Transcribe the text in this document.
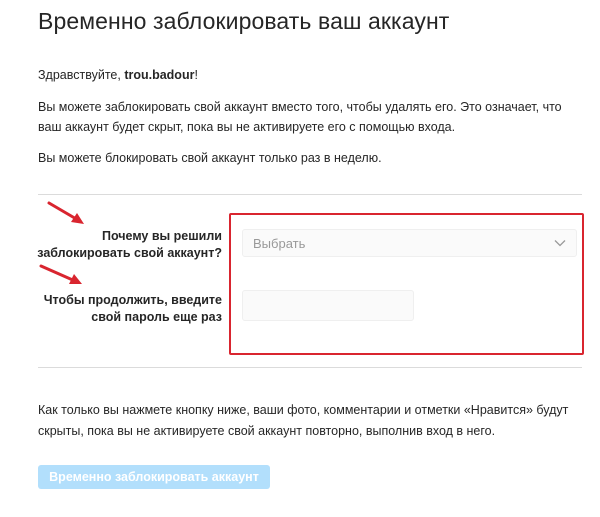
Временно заблокировать ваш аккаунт

Здравствуйте, trou.badour!

Вы можете заблокировать свой аккаунт вместо того, чтобы удалять его. Это означает, что ваш аккаунт будет скрыт, пока вы не активируете его с помощью входа.

Вы можете блокировать свой аккаунт только раз в неделю.

Почему вы решили заблокировать свой аккаунт?
Чтобы продолжить, введите свой пароль еще раз
Выбрать

Как только вы нажмете кнопку ниже, ваши фото, комментарии и отметки «Нравится» будут скрыты, пока вы не активируете свой аккаунт повторно, выполнив вход в него.

Временно заблокировать аккаунт
